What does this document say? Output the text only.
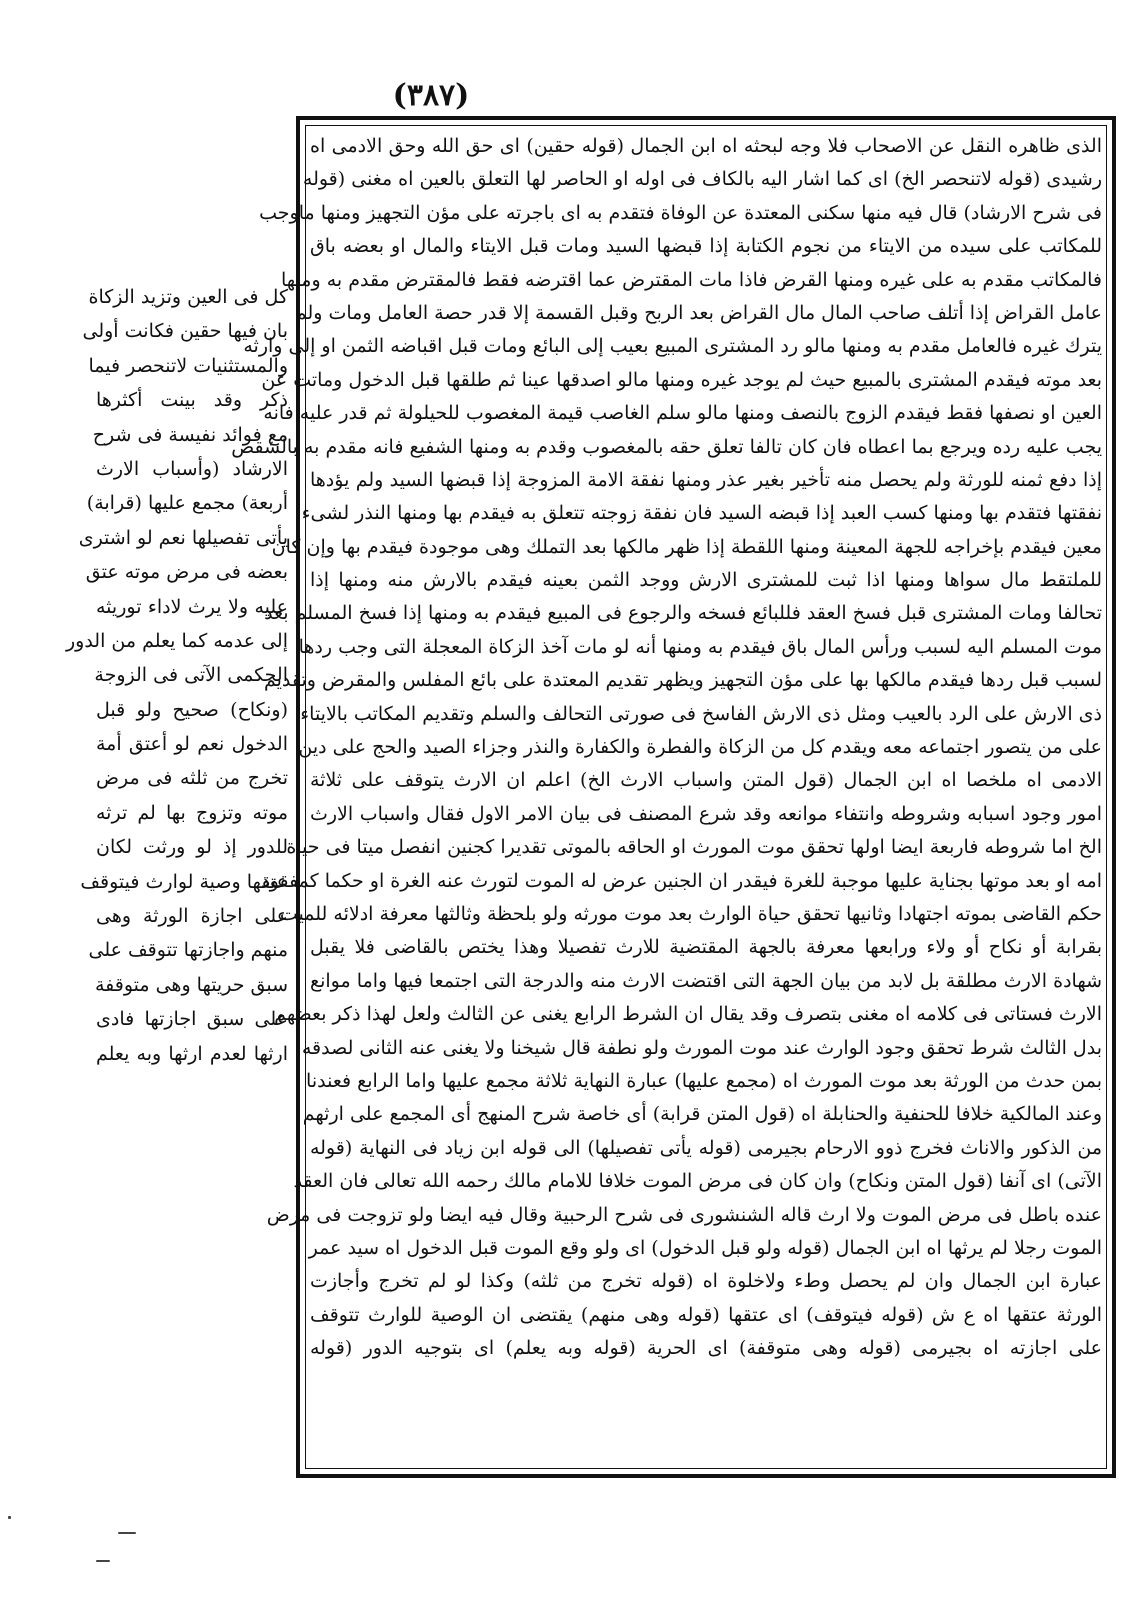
(٣٨٧)
الذى ظاهره النقل عن الاصحاب فلا وجه لبحثه اه ابن الجمال (قوله حقين) اى حق الله وحق الادمى اه
رشيدى (قوله لاتنحصر الخ) اى كما اشار اليه بالكاف فى اوله او الحاصر لها التعلق بالعين اه مغنى (قوله
فى شرح الارشاد) قال فيه منها سكنى المعتدة عن الوفاة فتقدم به اى باجرته على مؤن التجهيز ومنها ماوجب
للمكاتب على سيده من الايتاء من نجوم الكتابة إذا قبضها السيد ومات قبل الايتاء والمال او بعضه باق
فالمكاتب مقدم به على غيره ومنها القرض فاذا مات المقترض عما اقترضه فقط فالمقترض مقدم به ومنها
عامل القراض إذا أتلف صاحب المال مال القراض بعد الربح وقبل القسمة إلا قدر حصة العامل ومات ولم
يترك غيره فالعامل مقدم به ومنها مالو رد المشترى المبيع بعيب إلى البائع ومات قبل اقباضه الثمن او إلى وارثه
بعد موته فيقدم المشترى بالمبيع حيث لم يوجد غيره ومنها مالو اصدقها عينا ثم طلقها قبل الدخول وماتت عن
العين او نصفها فقط فيقدم الزوج بالنصف ومنها مالو سلم الغاصب قيمة المغصوب للحيلولة ثم قدر عليه فانه
يجب عليه رده ويرجع بما اعطاه فان كان تالفا تعلق حقه بالمغصوب وقدم به ومنها الشفيع فانه مقدم به بالشقص
إذا دفع ثمنه للورثة ولم يحصل منه تأخير بغير عذر ومنها نفقة الامة المزوجة إذا قبضها السيد ولم يؤدها
نفقتها فتقدم بها ومنها كسب العبد إذا قبضه السيد فان نفقة زوجته تتعلق به فيقدم بها ومنها النذر لشىء
معين فيقدم بإخراجه للجهة المعينة ومنها اللقطة إذا ظهر مالكها بعد التملك وهى موجودة فيقدم بها وإن كان
للملتقط مال سواها ومنها اذا ثبت للمشترى الارش ووجد الثمن بعينه فيقدم بالارش منه ومنها إذا
تحالفا ومات المشترى قبل فسخ العقد فللبائع فسخه والرجوع فى المبيع فيقدم به ومنها إذا فسخ المسلم بعد
موت المسلم اليه لسبب ورأس المال باق فيقدم به ومنها أنه لو مات آخذ الزكاة المعجلة التى وجب ردها
لسبب قبل ردها فيقدم مالكها بها على مؤن التجهيز ويظهر تقديم المعتدة على بائع المفلس والمقرض وتقديم
ذى الارش على الرد بالعيب ومثل ذى الارش الفاسخ فى صورتى التحالف والسلم وتقديم المكاتب بالايتاء
على من يتصور اجتماعه معه ويقدم كل من الزكاة والفطرة والكفارة والنذر وجزاء الصيد والحج على دين
الادمى اه ملخصا اه ابن الجمال (قول المتن واسباب الارث الخ) اعلم ان الارث يتوقف على ثلاثة
امور وجود اسبابه وشروطه وانتفاء موانعه وقد شرع المصنف فى بيان الامر الاول فقال واسباب الارث
الخ اما شروطه فاربعة ايضا اولها تحقق موت المورث او الحاقه بالموتى تقديرا كجنين انفصل ميتا فى حياة
امه او بعد موتها بجناية عليها موجبة للغرة فيقدر ان الجنين عرض له الموت لتورث عنه الغرة او حكما كمفقود
حكم القاضى بموته اجتهادا وثانيها تحقق حياة الوارث بعد موت مورثه ولو بلحظة وثالثها معرفة ادلائه للميت
بقرابة أو نكاح أو ولاء ورابعها معرفة بالجهة المقتضية للارث تفصيلا وهذا يختص بالقاضى فلا يقبل
شهادة الارث مطلقة بل لابد من بيان الجهة التى اقتضت الارث منه والدرجة التى اجتمعا فيها واما موانع
الارث فستاتى فى كلامه اه مغنى بتصرف وقد يقال ان الشرط الرابع يغنى عن الثالث ولعل لهذا ذكر بعضهم
بدل الثالث شرط تحقق وجود الوارث عند موت المورث ولو نطفة قال شيخنا ولا يغنى عنه الثانى لصدقه
بمن حدث من الورثة بعد موت المورث اه (مجمع عليها) عبارة النهاية ثلاثة مجمع عليها واما الرابع فعندنا
وعند المالكية خلافا للحنفية والحنابلة اه (قول المتن قرابة) أى خاصة شرح المنهج أى المجمع على ارثهم
من الذكور والاناث فخرج ذوو الارحام بجيرمى (قوله يأتى تفصيلها) الى قوله ابن زياد فى النهاية (قوله
الآتى) اى آنفا (قول المتن ونكاح) وان كان فى مرض الموت خلافا للامام مالك رحمه الله تعالى فان العقد
عنده باطل فى مرض الموت ولا ارث قاله الشنشورى فى شرح الرحبية وقال فيه ايضا ولو تزوجت فى مرض
الموت رجلا لم يرثها اه ابن الجمال (قوله ولو قبل الدخول) اى ولو وقع الموت قبل الدخول اه سيد عمر
عبارة ابن الجمال وان لم يحصل وطء ولاخلوة اه (قوله تخرج من ثلثه) وكذا لو لم تخرج وأجازت
الورثة عتقها اه ع ش (قوله فيتوقف) اى عتقها (قوله وهى منهم) يقتضى ان الوصية للوارث تتوقف
على اجازته اه بجيرمى (قوله وهى متوقفة) اى الحرية (قوله وبه يعلم) اى بتوجيه الدور (قوله
كل فى العين وتزيد الزكاة
بان فيها حقين فكانت أولى
والمستثنيات لاتنحصر فيما
ذكر وقد بينت أكثرها
مع فوائد نفيسة فى شرح
الارشاد (وأسباب الارث
أربعة) مجمع عليها (قرابة)
يأتى تفصيلها نعم لو اشترى
بعضه فى مرض موته عتق
عليه ولا يرث لاداء توريثه
إلى عدمه كما يعلم من الدور
الحكمى الآتى فى الزوجة
(ونكاح) صحيح ولو قبل
الدخول نعم لو أعتق أمة
تخرج من ثلثه فى مرض
موته وتزوج بها لم ترثه
للدور إذ لو ورثت لكان
عتقها وصية لوارث فيتوقف
على اجازة الورثة وهى
منهم واجازتها تتوقف على
سبق حريتها وهى متوقفة
على سبق اجازتها فادى
ارثها لعدم ارثها وبه يعلم
